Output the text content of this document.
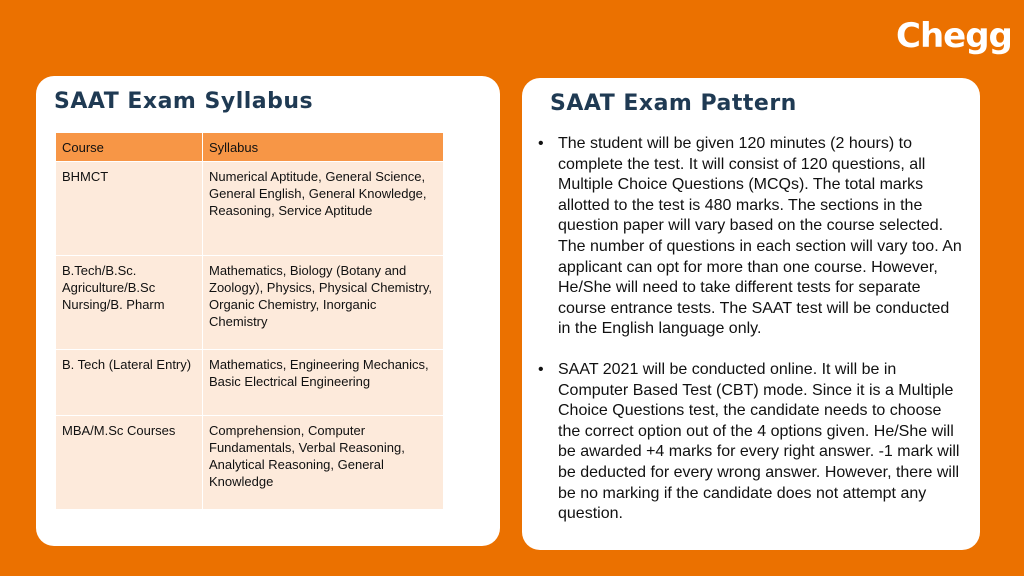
Chegg
SAAT Exam Syllabus
Course	Syllabus
BHMCT	Numerical Aptitude, General Science, General English, General Knowledge, Reasoning, Service Aptitude
B.Tech/B.Sc. Agriculture/B.Sc Nursing/B. Pharm	Mathematics, Biology (Botany and Zoology), Physics, Physical Chemistry, Organic Chemistry, Inorganic Chemistry
B. Tech (Lateral Entry)	Mathematics, Engineering Mechanics, Basic Electrical Engineering
MBA/M.Sc Courses	Comprehension, Computer Fundamentals, Verbal Reasoning, Analytical Reasoning, General Knowledge
SAAT Exam Pattern
• The student will be given 120 minutes (2 hours) to complete the test. It will consist of 120 questions, all Multiple Choice Questions (MCQs). The total marks allotted to the test is 480 marks. The sections in the question paper will vary based on the course selected. The number of questions in each section will vary too. An applicant can opt for more than one course. However, He/She will need to take different tests for separate course entrance tests. The SAAT test will be conducted in the English language only.
• SAAT 2021 will be conducted online. It will be in Computer Based Test (CBT) mode. Since it is a Multiple Choice Questions test, the candidate needs to choose the correct option out of the 4 options given. He/She will be awarded +4 marks for every right answer. -1 mark will be deducted for every wrong answer. However, there will be no marking if the candidate does not attempt any question.
